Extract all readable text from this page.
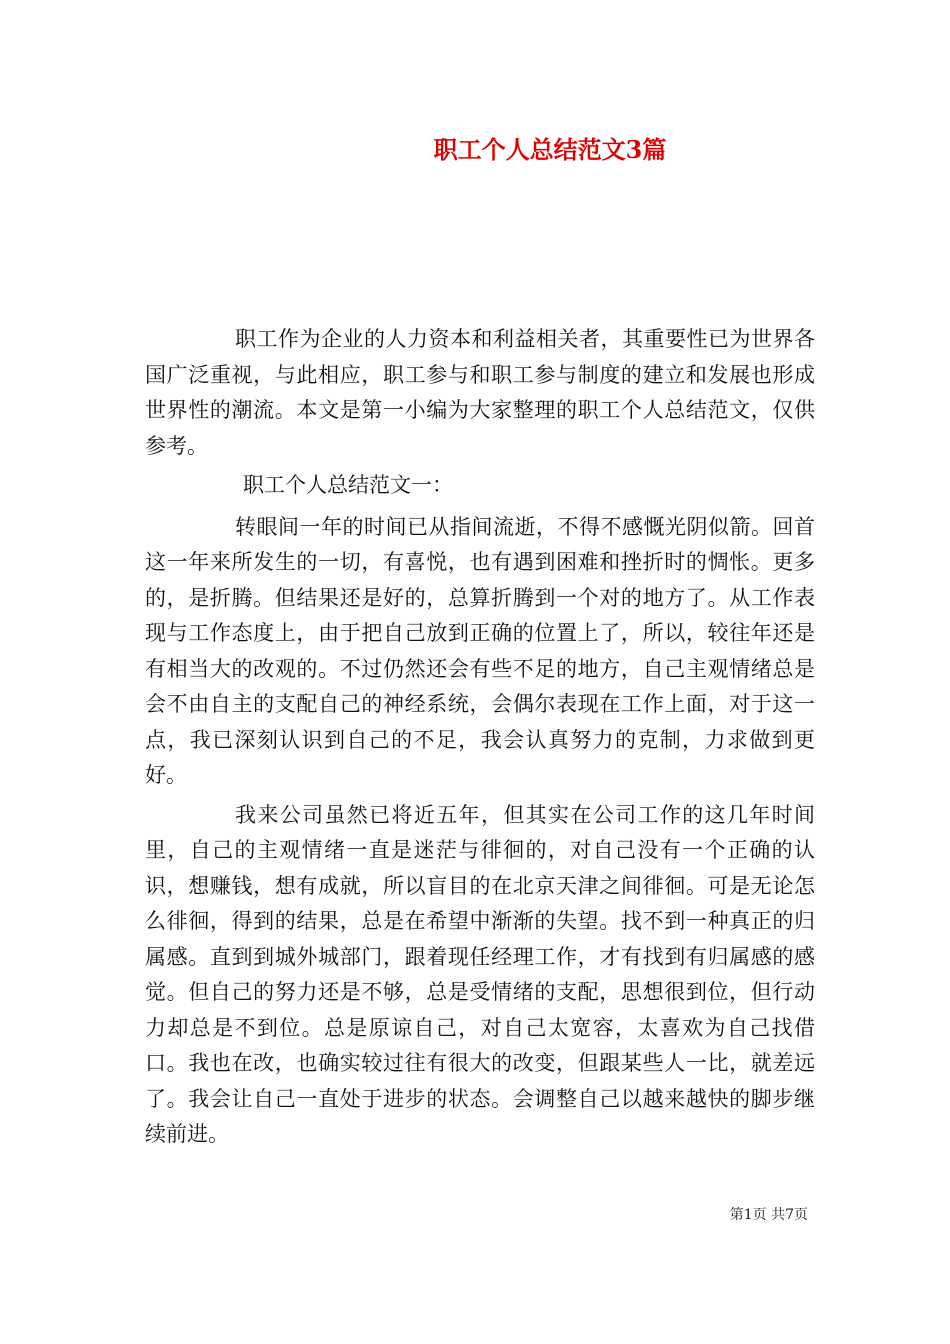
职工个人总结范文3篇

职工作为企业的人力资本和利益相关者，其重要性已为世界各国广泛重视，与此相应，职工参与和职工参与制度的建立和发展也形成世界性的潮流。本文是第一小编为大家整理的职工个人总结范文，仅供参考。

职工个人总结范文一：

转眼间一年的时间已从指间流逝，不得不感慨光阴似箭。回首这一年来所发生的一切，有喜悦，也有遇到困难和挫折时的惆怅。更多的，是折腾。但结果还是好的，总算折腾到一个对的地方了。从工作表现与工作态度上，由于把自己放到正确的位置上了，所以，较往年还是有相当大的改观的。不过仍然还会有些不足的地方，自己主观情绪总是会不由自主的支配自己的神经系统，会偶尔表现在工作上面，对于这一点，我已深刻认识到自己的不足，我会认真努力的克制，力求做到更好。

我来公司虽然已将近五年，但其实在公司工作的这几年时间里，自己的主观情绪一直是迷茫与徘徊的，对自己没有一个正确的认识，想赚钱，想有成就，所以盲目的在北京天津之间徘徊。可是无论怎么徘徊，得到的结果，总是在希望中渐渐的失望。找不到一种真正的归属感。直到到城外城部门，跟着现任经理工作，才有找到有归属感的感觉。但自己的努力还是不够，总是受情绪的支配，思想很到位，但行动力却总是不到位。总是原谅自己，对自己太宽容，太喜欢为自己找借口。我也在改，也确实较过往有很大的改变，但跟某些人一比，就差远了。我会让自己一直处于进步的状态。会调整自己以越来越快的脚步继续前进。

第1页 共7页
